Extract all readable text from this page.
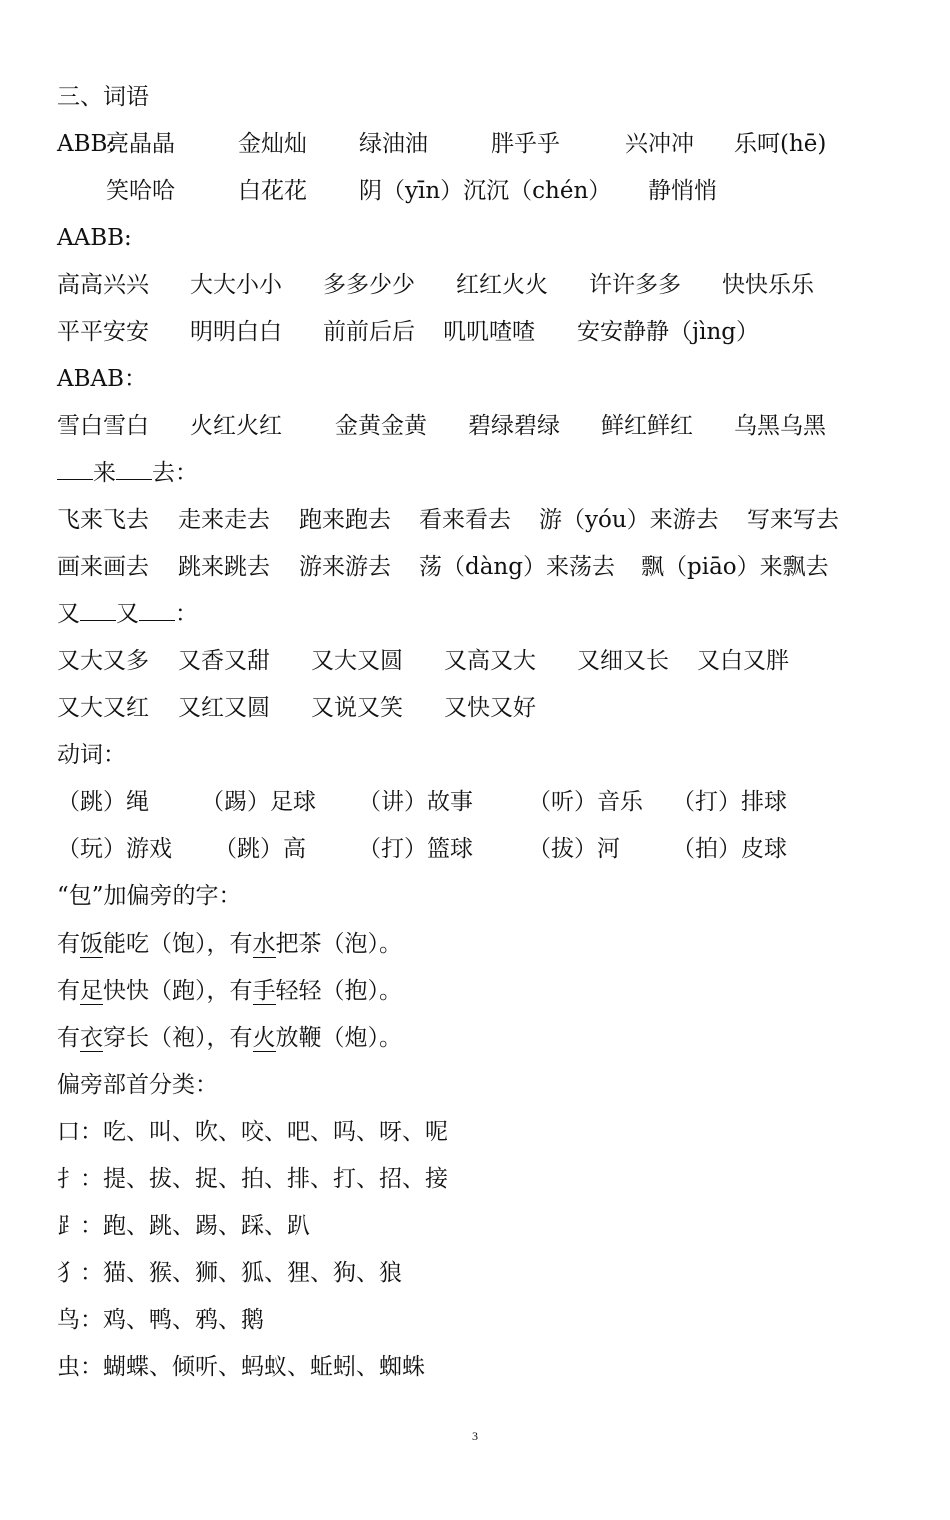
三、词语
ABB:
亮晶晶	金灿灿 绿油油	胖乎乎	兴冲冲 乐呵(hē)
笑哈哈	白花花 阴（yīn）沉沉（chén） 静悄悄
AABB:
高高兴兴 大大小小 多多少少 红红火火 许许多多 快快乐乐
平平安安 明明白白 前前后后 叽叽喳喳 安安静静（jìng）
ABAB：
雪白雪白 火红火红 金黄金黄 碧绿碧绿 鲜红鲜红 乌黑乌黑
来 去：
飞来飞去 走来走去 跑来跑去 看来看去 游（yóu）来游去 写来写去
画来画去 跳来跳去 游来游去 荡（dàng）来荡去 飘（piāo）来飘去
又 又 ：
又大又多 又香又甜 又大又圆 又高又大 又细又长 又白又胖
又大又红 又红又圆 又说又笑 又快又好
动词：
（跳）绳 （踢）足球 （讲）故事 （听）音乐 （打）排球
（玩）游戏 （跳）高 （打）篮球 （拔）河 （拍）皮球
“包”加偏旁的字：
有饭能吃（饱），有水把茶（泡）。
有足快快（跑），有手轻轻（抱）。
有衣穿长（袍），有火放鞭（炮）。
偏旁部首分类：
口：吃、叫、吹、咬、吧、吗、呀、呢
扌：提、拔、捉、拍、排、打、招、接
⻊：跑、跳、踢、踩、趴
犭：猫、猴、狮、狐、狸、狗、狼
鸟：鸡、鸭、鸦、鹅
虫：蝴蝶、倾听、蚂蚁、蚯蚓、蜘蛛
3
